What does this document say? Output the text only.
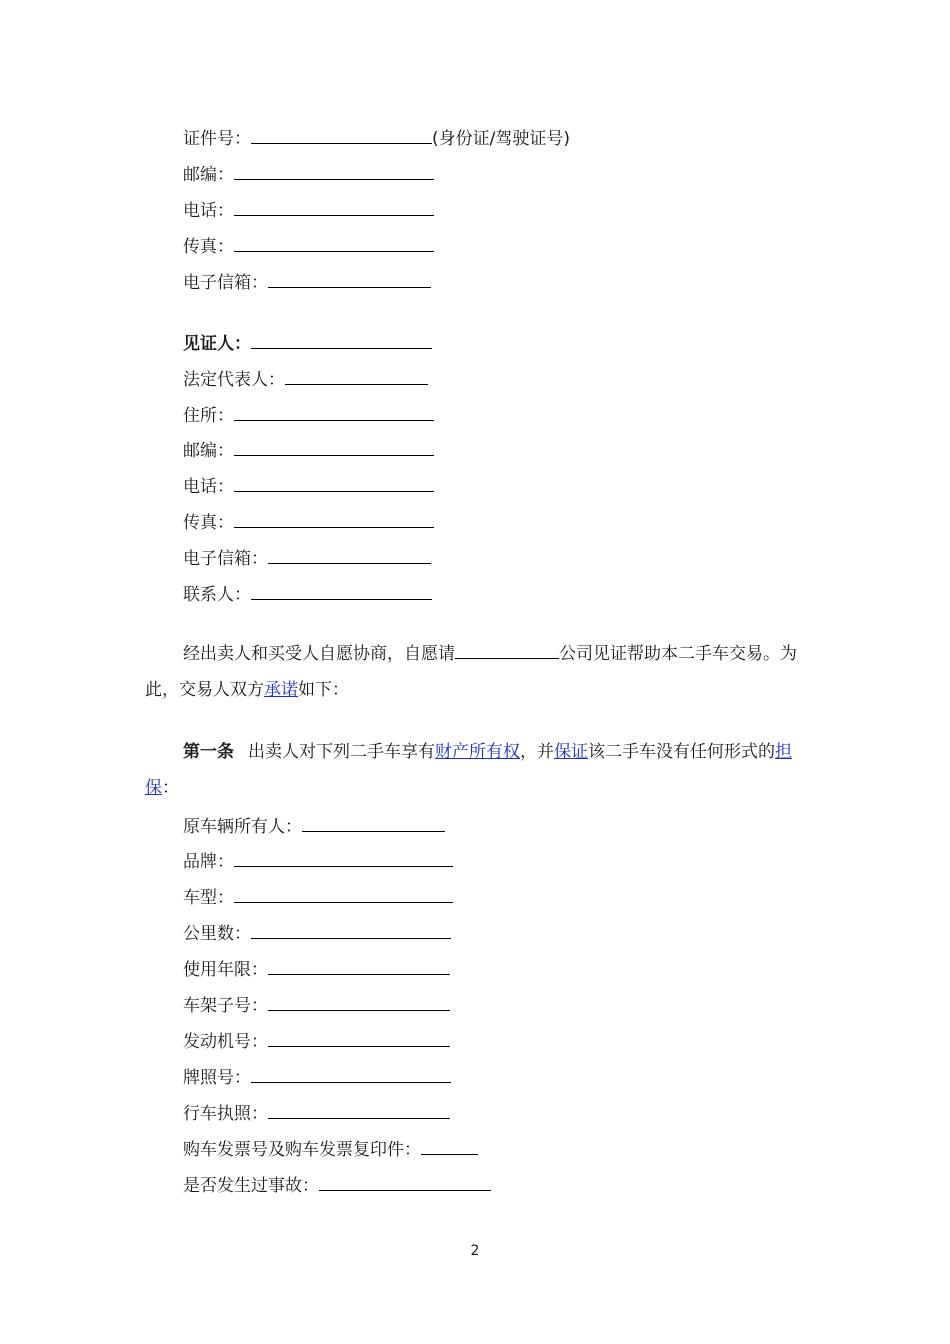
证件号：	(身份证/驾驶证号)
邮编：
电话：
传真：
电子信箱：
见证人：
法定代表人：
住所：
邮编：
电话：
传真：
电子信箱：
联系人：
经出卖人和买受人自愿协商，自愿请	公司见证帮助本二手车交易。为此，交易人双方承诺如下：
第一条 出卖人对下列二手车享有财产所有权，并保证该二手车没有任何形式的担保：
原车辆所有人：
品牌：
车型：
公里数：
使用年限：
车架子号：
发动机号：
牌照号：
行车执照：
购车发票号及购车发票复印件：
是否发生过事故：
2
